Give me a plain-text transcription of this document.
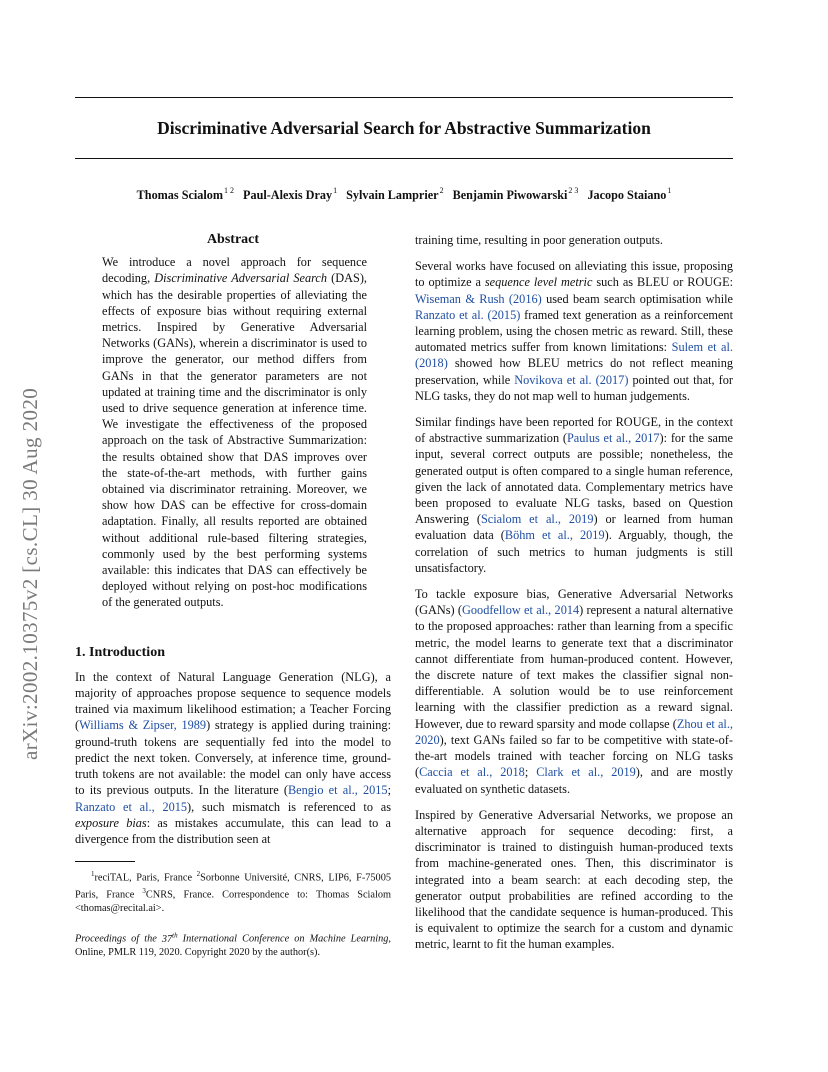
arXiv:2002.10375v2 [cs.CL] 30 Aug 2020
Discriminative Adversarial Search for Abstractive Summarization
Thomas Scialom$^{1 2}$ Paul-Alexis Dray$^1$ Sylvain Lamprier$^2$ Benjamin Piwowarski$^{2 3}$ Jacopo Staiano$^1$
Abstract

We introduce a novel approach for sequence decoding, Discriminative Adversarial Search (DAS), which has the desirable properties of alleviating the effects of exposure bias without requiring external metrics. Inspired by Generative Adversarial Networks (GANs), wherein a discriminator is used to improve the generator, our method differs from GANs in that the generator parameters are not updated at training time and the discriminator is only used to drive sequence generation at inference time. We investigate the effectiveness of the proposed approach on the task of Abstractive Summarization: the results obtained show that DAS improves over the state-of-the-art methods, with further gains obtained via discriminator retraining. Moreover, we show how DAS can be effective for cross-domain adaptation. Finally, all results reported are obtained without additional rule-based filtering strategies, commonly used by the best performing systems available: this indicates that DAS can effectively be deployed without relying on post-hoc modifications of the generated outputs.

1. Introduction

In the context of Natural Language Generation (NLG), a majority of approaches propose sequence to sequence models trained via maximum likelihood estimation; a Teacher Forcing (Williams & Zipser, 1989) strategy is applied during training: ground-truth tokens are sequentially fed into the model to predict the next token. Conversely, at inference time, ground-truth tokens are not available: the model can only have access to its previous outputs. In the literature (Bengio et al., 2015; Ranzato et al., 2015), such mismatch is referenced to as exposure bias: as mistakes accumulate, this can lead to a divergence from the distribution seen at

$^1$reciTAL, Paris, France $^2$Sorbonne Université, CNRS, LIP6, F-75005 Paris, France $^3$CNRS, France. Correspondence to: Thomas Scialom <thomas@recital.ai>.

Proceedings of the 37th International Conference on Machine Learning, Online, PMLR 119, 2020. Copyright 2020 by the author(s).

training time, resulting in poor generation outputs.

Several works have focused on alleviating this issue, proposing to optimize a sequence level metric such as BLEU or ROUGE: Wiseman & Rush (2016) used beam search optimisation while Ranzato et al. (2015) framed text generation as a reinforcement learning problem, using the chosen metric as reward. Still, these automated metrics suffer from known limitations: Sulem et al. (2018) showed how BLEU metrics do not reflect meaning preservation, while Novikova et al. (2017) pointed out that, for NLG tasks, they do not map well to human judgements.

Similar findings have been reported for ROUGE, in the context of abstractive summarization (Paulus et al., 2017): for the same input, several correct outputs are possible; nonetheless, the generated output is often compared to a single human reference, given the lack of annotated data. Complementary metrics have been proposed to evaluate NLG tasks, based on Question Answering (Scialom et al., 2019) or learned from human evaluation data (Böhm et al., 2019). Arguably, though, the correlation of such metrics to human judgments is still unsatisfactory.

To tackle exposure bias, Generative Adversarial Networks (GANs) (Goodfellow et al., 2014) represent a natural alternative to the proposed approaches: rather than learning from a specific metric, the model learns to generate text that a discriminator cannot differentiate from human-produced content. However, the discrete nature of text makes the classifier signal non-differentiable. A solution would be to use reinforcement learning with the classifier prediction as a reward signal. However, due to reward sparsity and mode collapse (Zhou et al., 2020), text GANs failed so far to be competitive with state-of-the-art models trained with teacher forcing on NLG tasks (Caccia et al., 2018; Clark et al., 2019), and are mostly evaluated on synthetic datasets.

Inspired by Generative Adversarial Networks, we propose an alternative approach for sequence decoding: first, a discriminator is trained to distinguish human-produced texts from machine-generated ones. Then, this discriminator is integrated into a beam search: at each decoding step, the generator output probabilities are refined according to the likelihood that the candidate sequence is human-produced. This is equivalent to optimize the search for a custom and dynamic metric, learnt to fit the human examples.
